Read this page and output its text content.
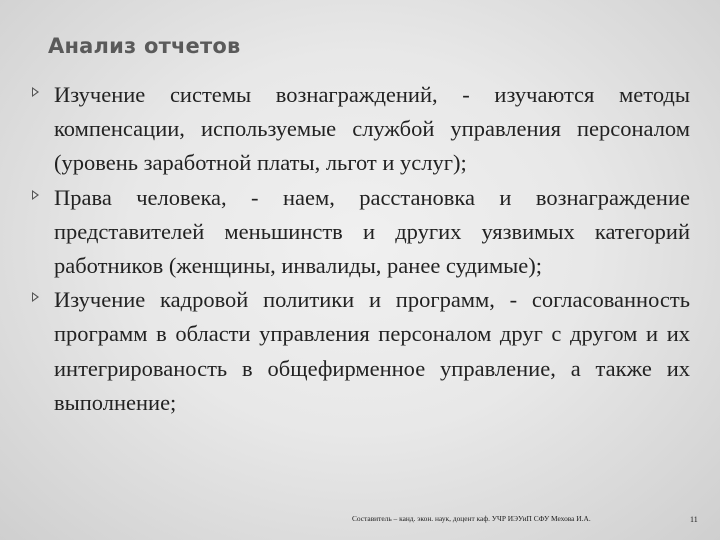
Анализ отчетов
Изучение системы вознаграждений, - изучаются методы компенсации, используемые службой управления персоналом (уровень заработной платы, льгот и услуг);
Права человека, - наем, расстановка и вознаграждение представителей меньшинств и других уязвимых категорий работников (женщины, инвалиды, ранее судимые);
Изучение кадровой политики и программ, - согласованность программ в области управления персоналом друг с другом и их интегрированость в общефирменное управление, а также их выполнение;
Составитель – канд. экон. наук, доцент каф. УЧР ИЭУиП СФУ Мехова И.А.	11
